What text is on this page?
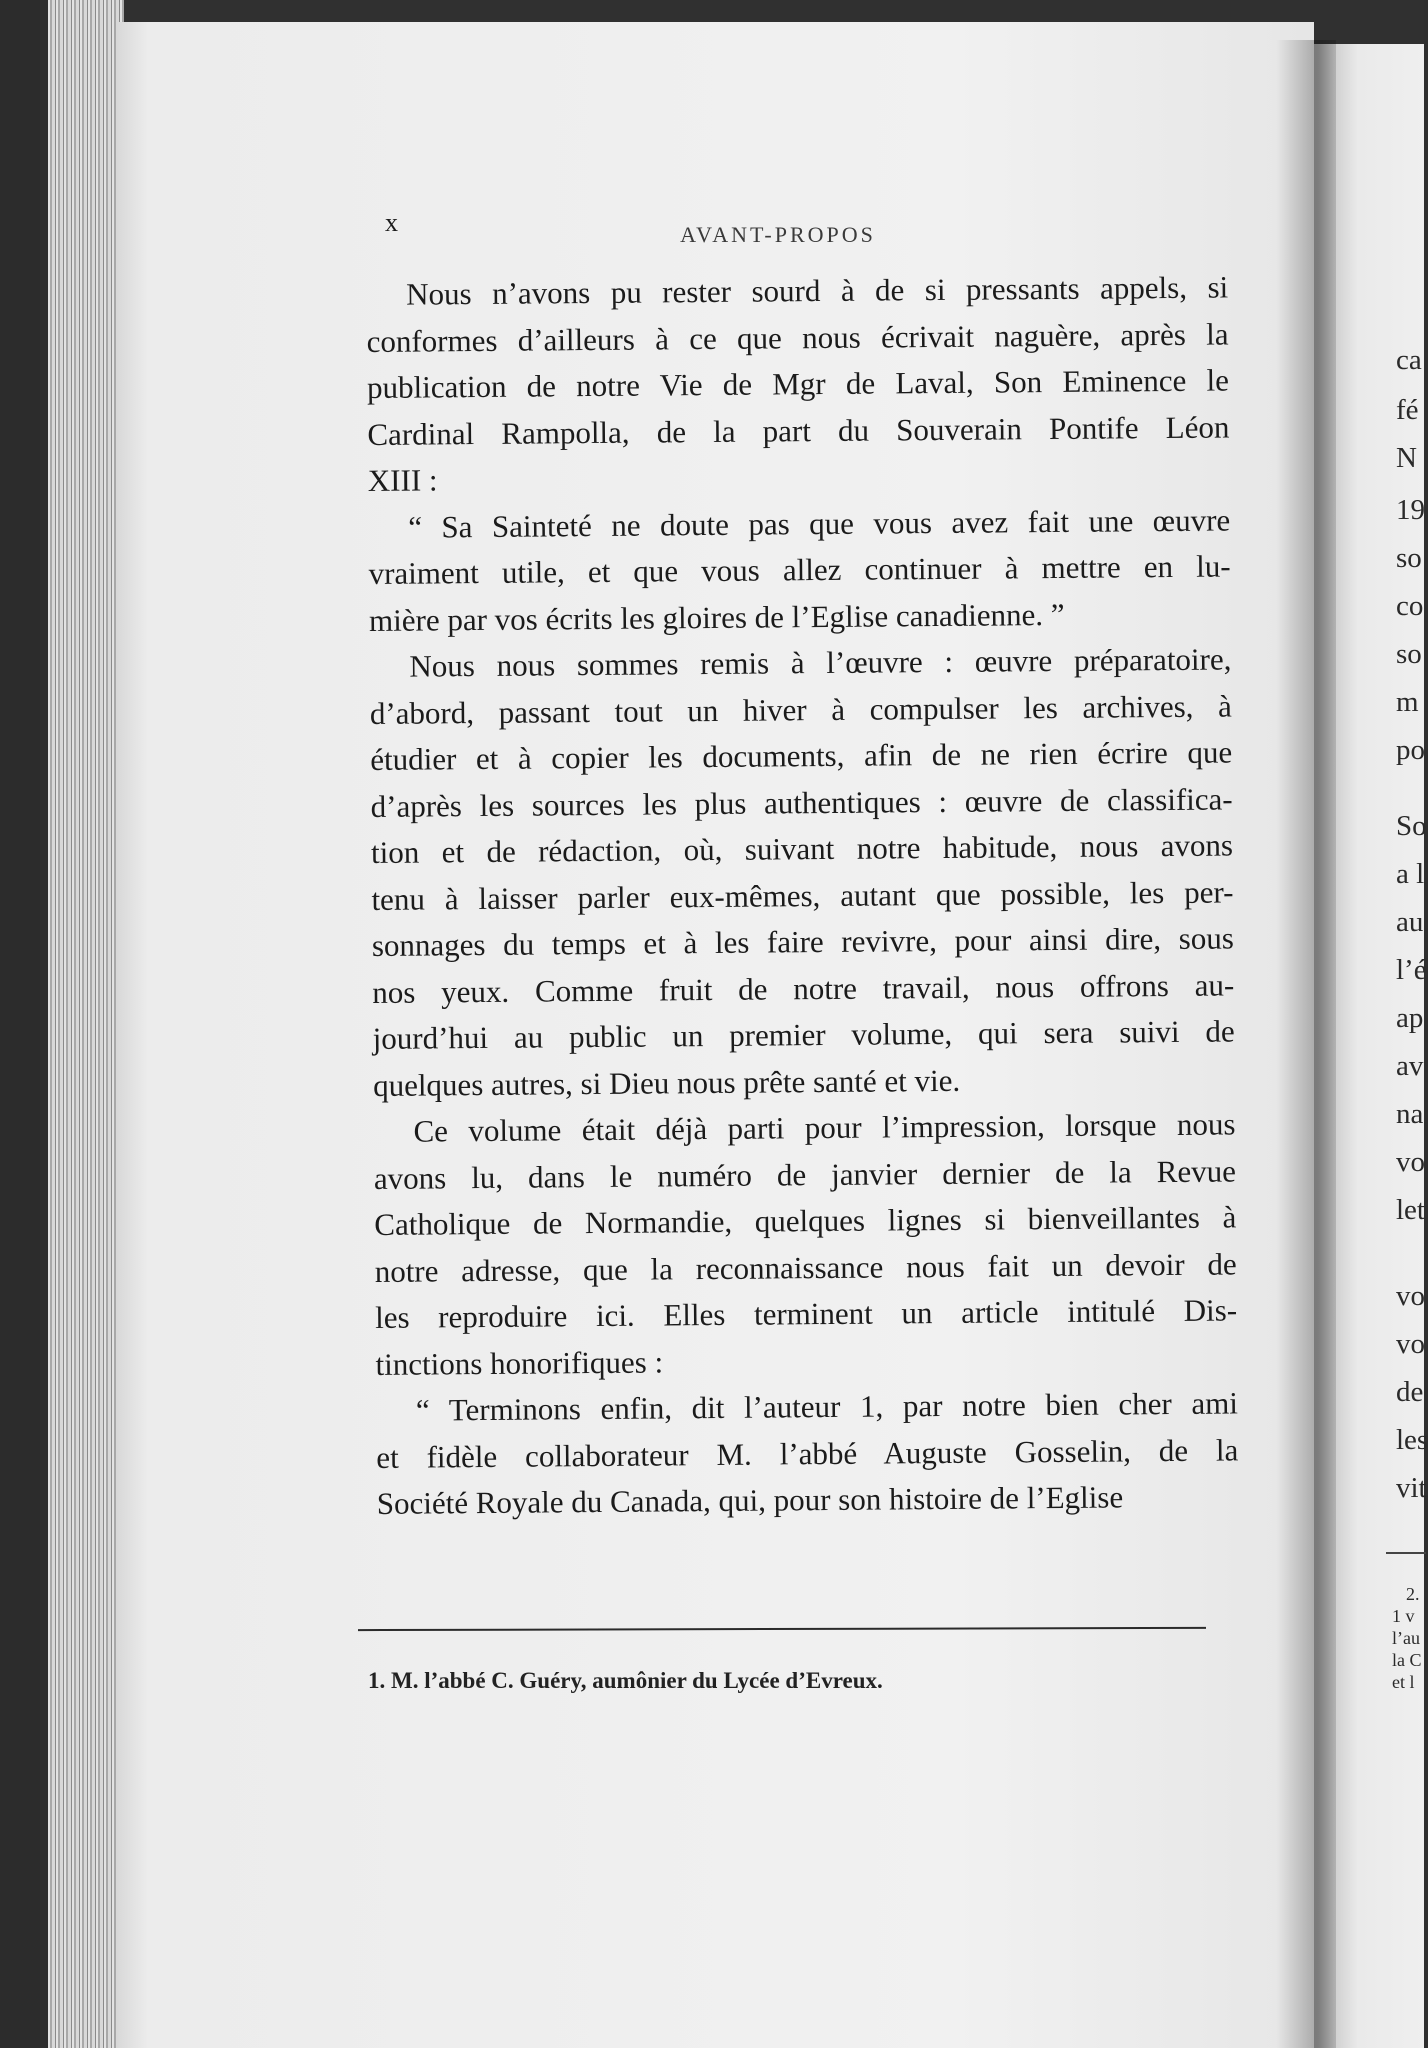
ca
fé
N
19
so
co
so
m
po
So
a l
au
l’é
ap
av
na
vo
let
vo
vo
de
les
vit
2.
1 v
l’au
la C
et l
x	AVANT-PROPOS

Nous n’avons pu rester sourd à de si pressants appels, si
conformes d’ailleurs à ce que nous écrivait naguère, après la
publication de notre Vie de Mgr de Laval, Son Eminence le
Cardinal Rampolla, de la part du Souverain Pontife Léon
XIII :

“ Sa Sainteté ne doute pas que vous avez fait une œuvre
vraiment utile, et que vous allez continuer à mettre en lu-
mière par vos écrits les gloires de l’Eglise canadienne. ”

Nous nous sommes remis à l’œuvre : œuvre préparatoire,
d’abord, passant tout un hiver à compulser les archives, à
étudier et à copier les documents, afin de ne rien écrire que
d’après les sources les plus authentiques : œuvre de classifica-
tion et de rédaction, où, suivant notre habitude, nous avons
tenu à laisser parler eux-mêmes, autant que possible, les per-
sonnages du temps et à les faire revivre, pour ainsi dire, sous
nos yeux. Comme fruit de notre travail, nous offrons au-
jourd’hui au public un premier volume, qui sera suivi de
quelques autres, si Dieu nous prête santé et vie.

Ce volume était déjà parti pour l’impression, lorsque nous
avons lu, dans le numéro de janvier dernier de la Revue
Catholique de Normandie, quelques lignes si bienveillantes à
notre adresse, que la reconnaissance nous fait un devoir de
les reproduire ici. Elles terminent un article intitulé Dis-
tinctions honorifiques :

“ Terminons enfin, dit l’auteur 1, par notre bien cher ami
et fidèle collaborateur M. l’abbé Auguste Gosselin, de la
Société Royale du Canada, qui, pour son histoire de l’Eglise

1. M. l’abbé C. Guéry, aumônier du Lycée d’Evreux.
